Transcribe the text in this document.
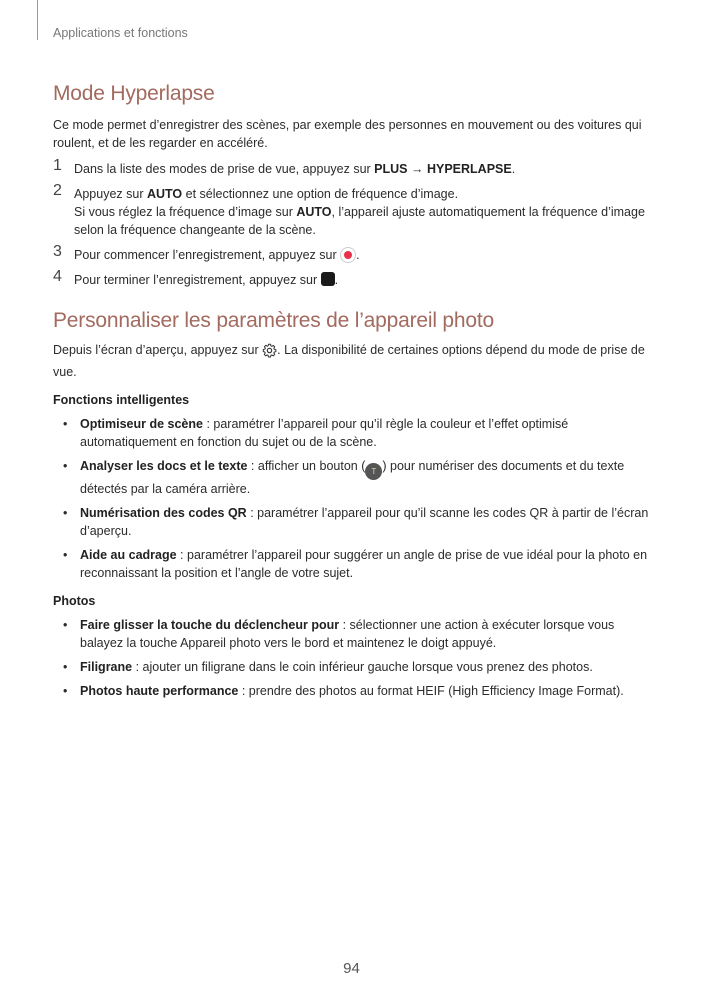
Applications et fonctions
Mode Hyperlapse

Ce mode permet d’enregistrer des scènes, par exemple des personnes en mouvement ou des voitures qui roulent, et de les regarder en accéléré.

1 Dans la liste des modes de prise de vue, appuyez sur PLUS → HYPERLAPSE.
2 Appuyez sur AUTO et sélectionnez une option de fréquence d’image.
Si vous réglez la fréquence d’image sur AUTO, l’appareil ajuste automatiquement la fréquence d’image selon la fréquence changeante de la scène.
3 Pour commencer l’enregistrement, appuyez sur .
4 Pour terminer l’enregistrement, appuyez sur .
Personnaliser les paramètres de l’appareil photo

Depuis l’écran d’aperçu, appuyez sur . La disponibilité de certaines options dépend du mode de prise de vue.

Fonctions intelligentes
• Optimiseur de scène : paramétrer l’appareil pour qu’il règle la couleur et l’effet optimisé automatiquement en fonction du sujet ou de la scène.
• Analyser les docs et le texte : afficher un bouton ( T ) pour numériser des documents et du texte détectés par la caméra arrière.
• Numérisation des codes QR : paramétrer l’appareil pour qu’il scanne les codes QR à partir de l’écran d’aperçu.
• Aide au cadrage : paramétrer l’appareil pour suggérer un angle de prise de vue idéal pour la photo en reconnaissant la position et l’angle de votre sujet.
Photos
• Faire glisser la touche du déclencheur pour : sélectionner une action à exécuter lorsque vous balayez la touche Appareil photo vers le bord et maintenez le doigt appuyé.
• Filigrane : ajouter un filigrane dans le coin inférieur gauche lorsque vous prenez des photos.
• Photos haute performance : prendre des photos au format HEIF (High Efficiency Image Format).
94
